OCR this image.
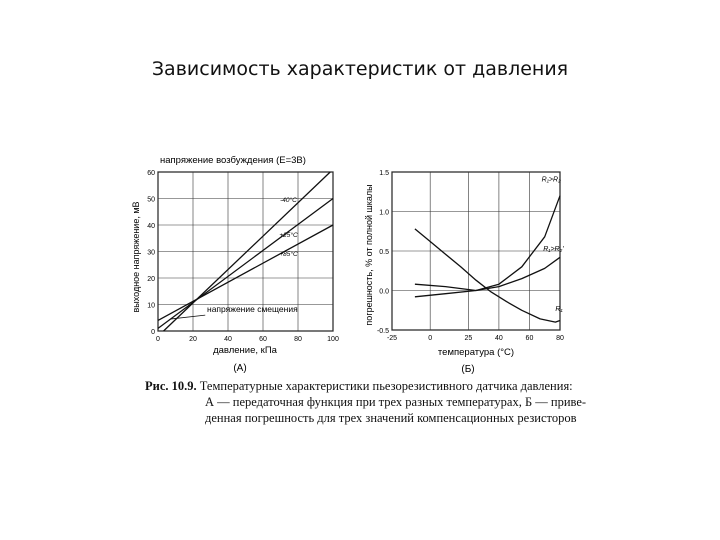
Зависимость характеристик от давления
напряжение возбуждения (Е=3В)
выходное напряжение, мВ
давление, кПа
(А)
0	20	40	60	80	100
0
10
20
30
40
50
60
-40°C
+25°C
+85°C
напряжение смещения	погрешность, % от полной шкалы
температура (°С)
(Б)
-25	0	25	40	60	80
-0.5
0.0
0.5
1.0
1.5
R₁>R₂
R₁>R₂'
R₁
Рис. 10.9. Температурные характеристики пьезорезистивного датчика давления:
А — передаточная функция при трех разных температурах, Б — приве-
денная погрешность для трех значений компенсационных резисторов
